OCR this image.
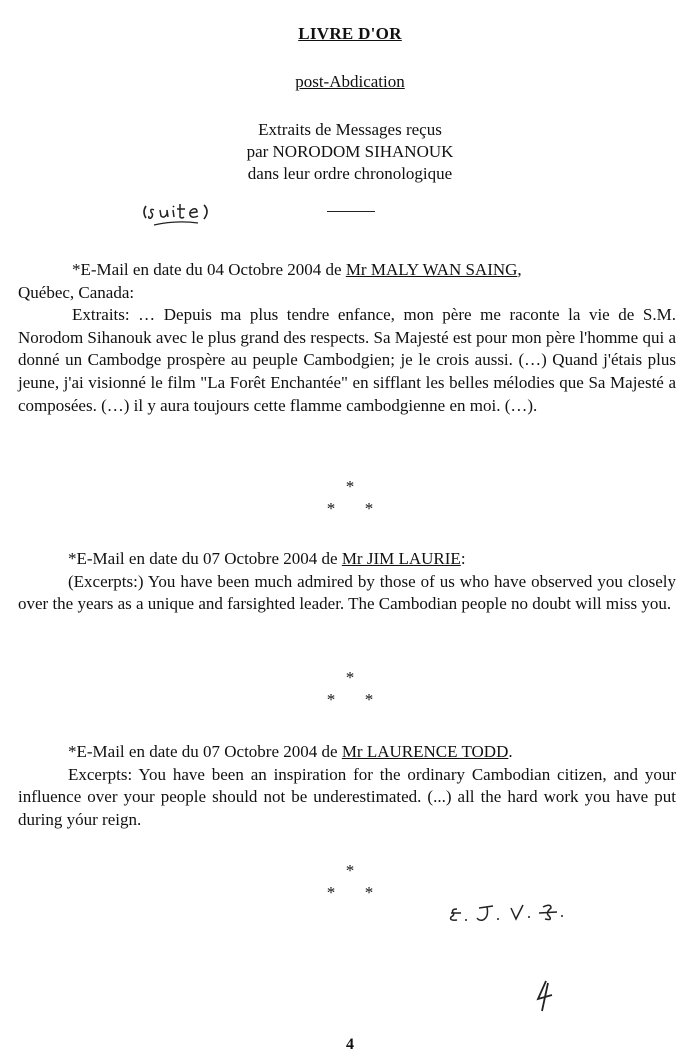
LIVRE D'OR
post-Abdication
Extraits de Messages reçus
par NORODOM SIHANOUK
dans leur ordre chronologique

*E-Mail en date du 04 Octobre 2004 de Mr MALY WAN SAING,

Québec, Canada:

Extraits: … Depuis ma plus tendre enfance, mon père me raconte la vie de S.M. Norodom Sihanouk avec le plus grand des respects. Sa Majesté est pour mon père l'homme qui a donné un Cambodge prospère au peuple Cambodgien; je le crois aussi. (…) Quand j'étais plus jeune, j'ai visionné le film "La Forêt Enchantée" en sifflant les belles mélodies que Sa Majesté a composées. (…) il y aura toujours cette flamme cambodgienne en moi. (…).

*
* *

*E-Mail en date du 07 Octobre 2004 de Mr JIM LAURIE:

(Excerpts:) You have been much admired by those of us who have observed you closely over the years as a unique and farsighted leader. The Cambodian people no doubt will miss you.

*
* *

*E-Mail en date du 07 Octobre 2004 de Mr LAURENCE TODD.

Excerpts: You have been an inspiration for the ordinary Cambodian citizen, and your influence over your people should not be underestimated. (...) all the hard work you have put during yóur reign.

*
* *
4
